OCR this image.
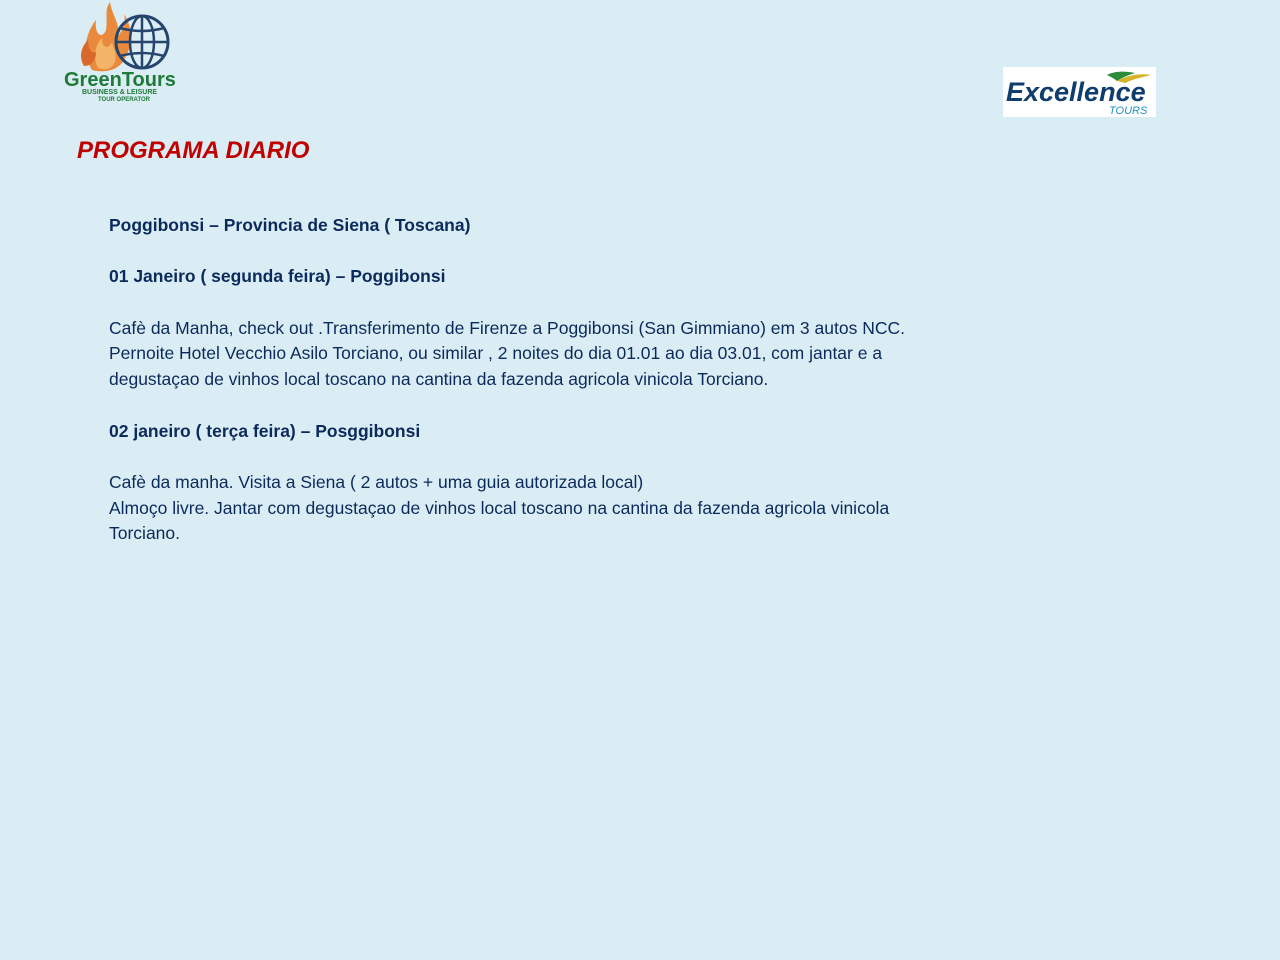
GreenTours
BUSINESS & LEISURE
TOUR OPERATOR	Excellence
TOURS
PROGRAMA DIARIO

Poggibonsi – Provincia de Siena ( Toscana)

01 Janeiro ( segunda feira) – Poggibonsi

Cafè da Manha, check out .Transferimento de Firenze a Poggibonsi (San Gimmiano) em 3 autos NCC.

Pernoite Hotel Vecchio Asilo Torciano, ou similar , 2 noites do dia 01.01 ao dia 03.01, com jantar e a

degustaçao de vinhos local toscano na cantina da fazenda agricola vinicola Torciano.

02 janeiro ( terça feira) – Posggibonsi

Cafè da manha. Visita a Siena ( 2 autos + uma guia autorizada local)

Almoço livre. Jantar com degustaçao de vinhos local toscano na cantina da fazenda agricola vinicola

Torciano.
